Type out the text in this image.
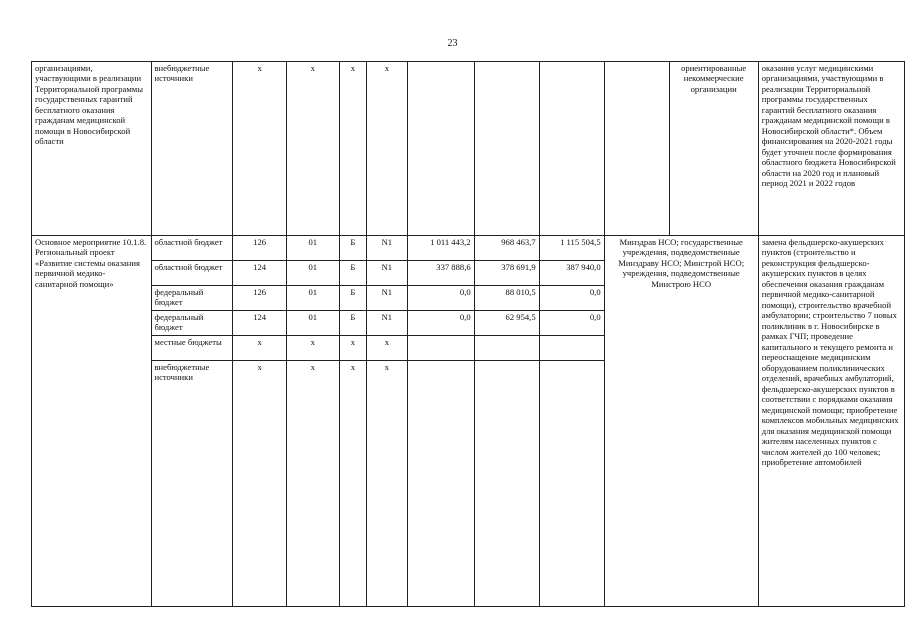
23
организациями, участвующими в реализации Территориальной программы государственных гарантий бесплатного оказания гражданам медицинской помощи в Новосибирской области	внебюджетные источники	х	х	х	х					ориентированные некоммерческие организации	оказания услуг медицинскими организациями, участвующими в реализации Территориальной программы государственных гарантий бесплатного оказания гражданам медицинской помощи в Новосибирской области*. Объем финансирования на 2020-2021 годы будет уточнен после формирования областного бюджета Новосибирской области на 2020 год и плановый период 2021 и 2022 годов
Основное мероприятие 10.1.8. Региональный проект «Развитие системы оказания первичной медико-санитарной помощи»	областной бюджет	126	01	Б	N1	1 011 443,2	968 463,7	1 115 504,5	Минздрав НСО; государственные учреждения, подведомственные Минздраву НСО; Минстрой НСО; учреждения, подведомственные Минстрою НСО		замена фельдшерско-акушерских пунктов (строительство и реконструкция фельдшерско-акушерских пунктов в целях обеспечения оказания гражданам первичной медико-санитарной помощи), строительство врачебной амбулатории; строительство 7 новых поликлиник в г. Новосибирске в рамках ГЧП; проведение капитального и текущего ремонта и переоснащение медицинским оборудованием поликлинических отделений, врачебных амбулаторий, фельдшерско-акушерских пунктов в соответствии с порядками оказания медицинской помощи; приобретение комплексов мобильных медицинских для оказания медицинской помощи жителям населенных пунктов с числом жителей до 100 человек; приобретение автомобилей
	областной бюджет	124	01	Б	N1	337 888,6	378 691,9	387 940,0			
	федеральный бюджет	126	01	Б	N1	0,0	88 010,5	0,0			
	федеральный бюджет	124	01	Б	N1	0,0	62 954,5	0,0			
	местные бюджеты	х	х	х	х						
	внебюджетные источники	х	х	х	х						
